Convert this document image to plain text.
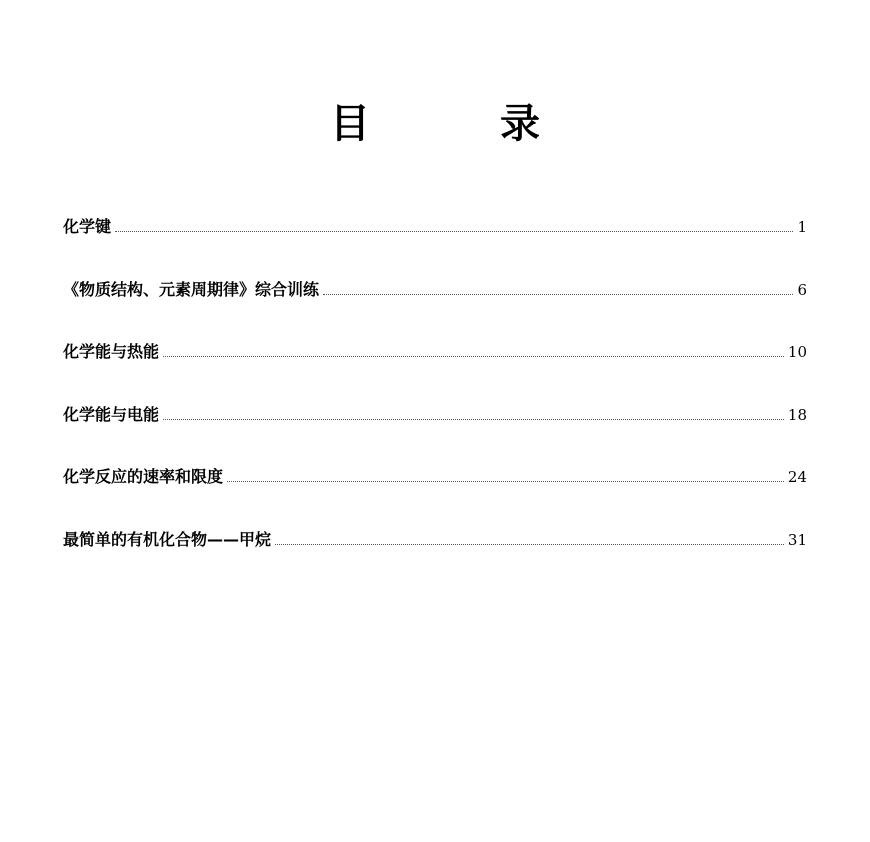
目 录
化学键	1
《物质结构、元素周期律》综合训练	6
化学能与热能	10
化学能与电能	18
化学反应的速率和限度	24
最简单的有机化合物——甲烷	31
